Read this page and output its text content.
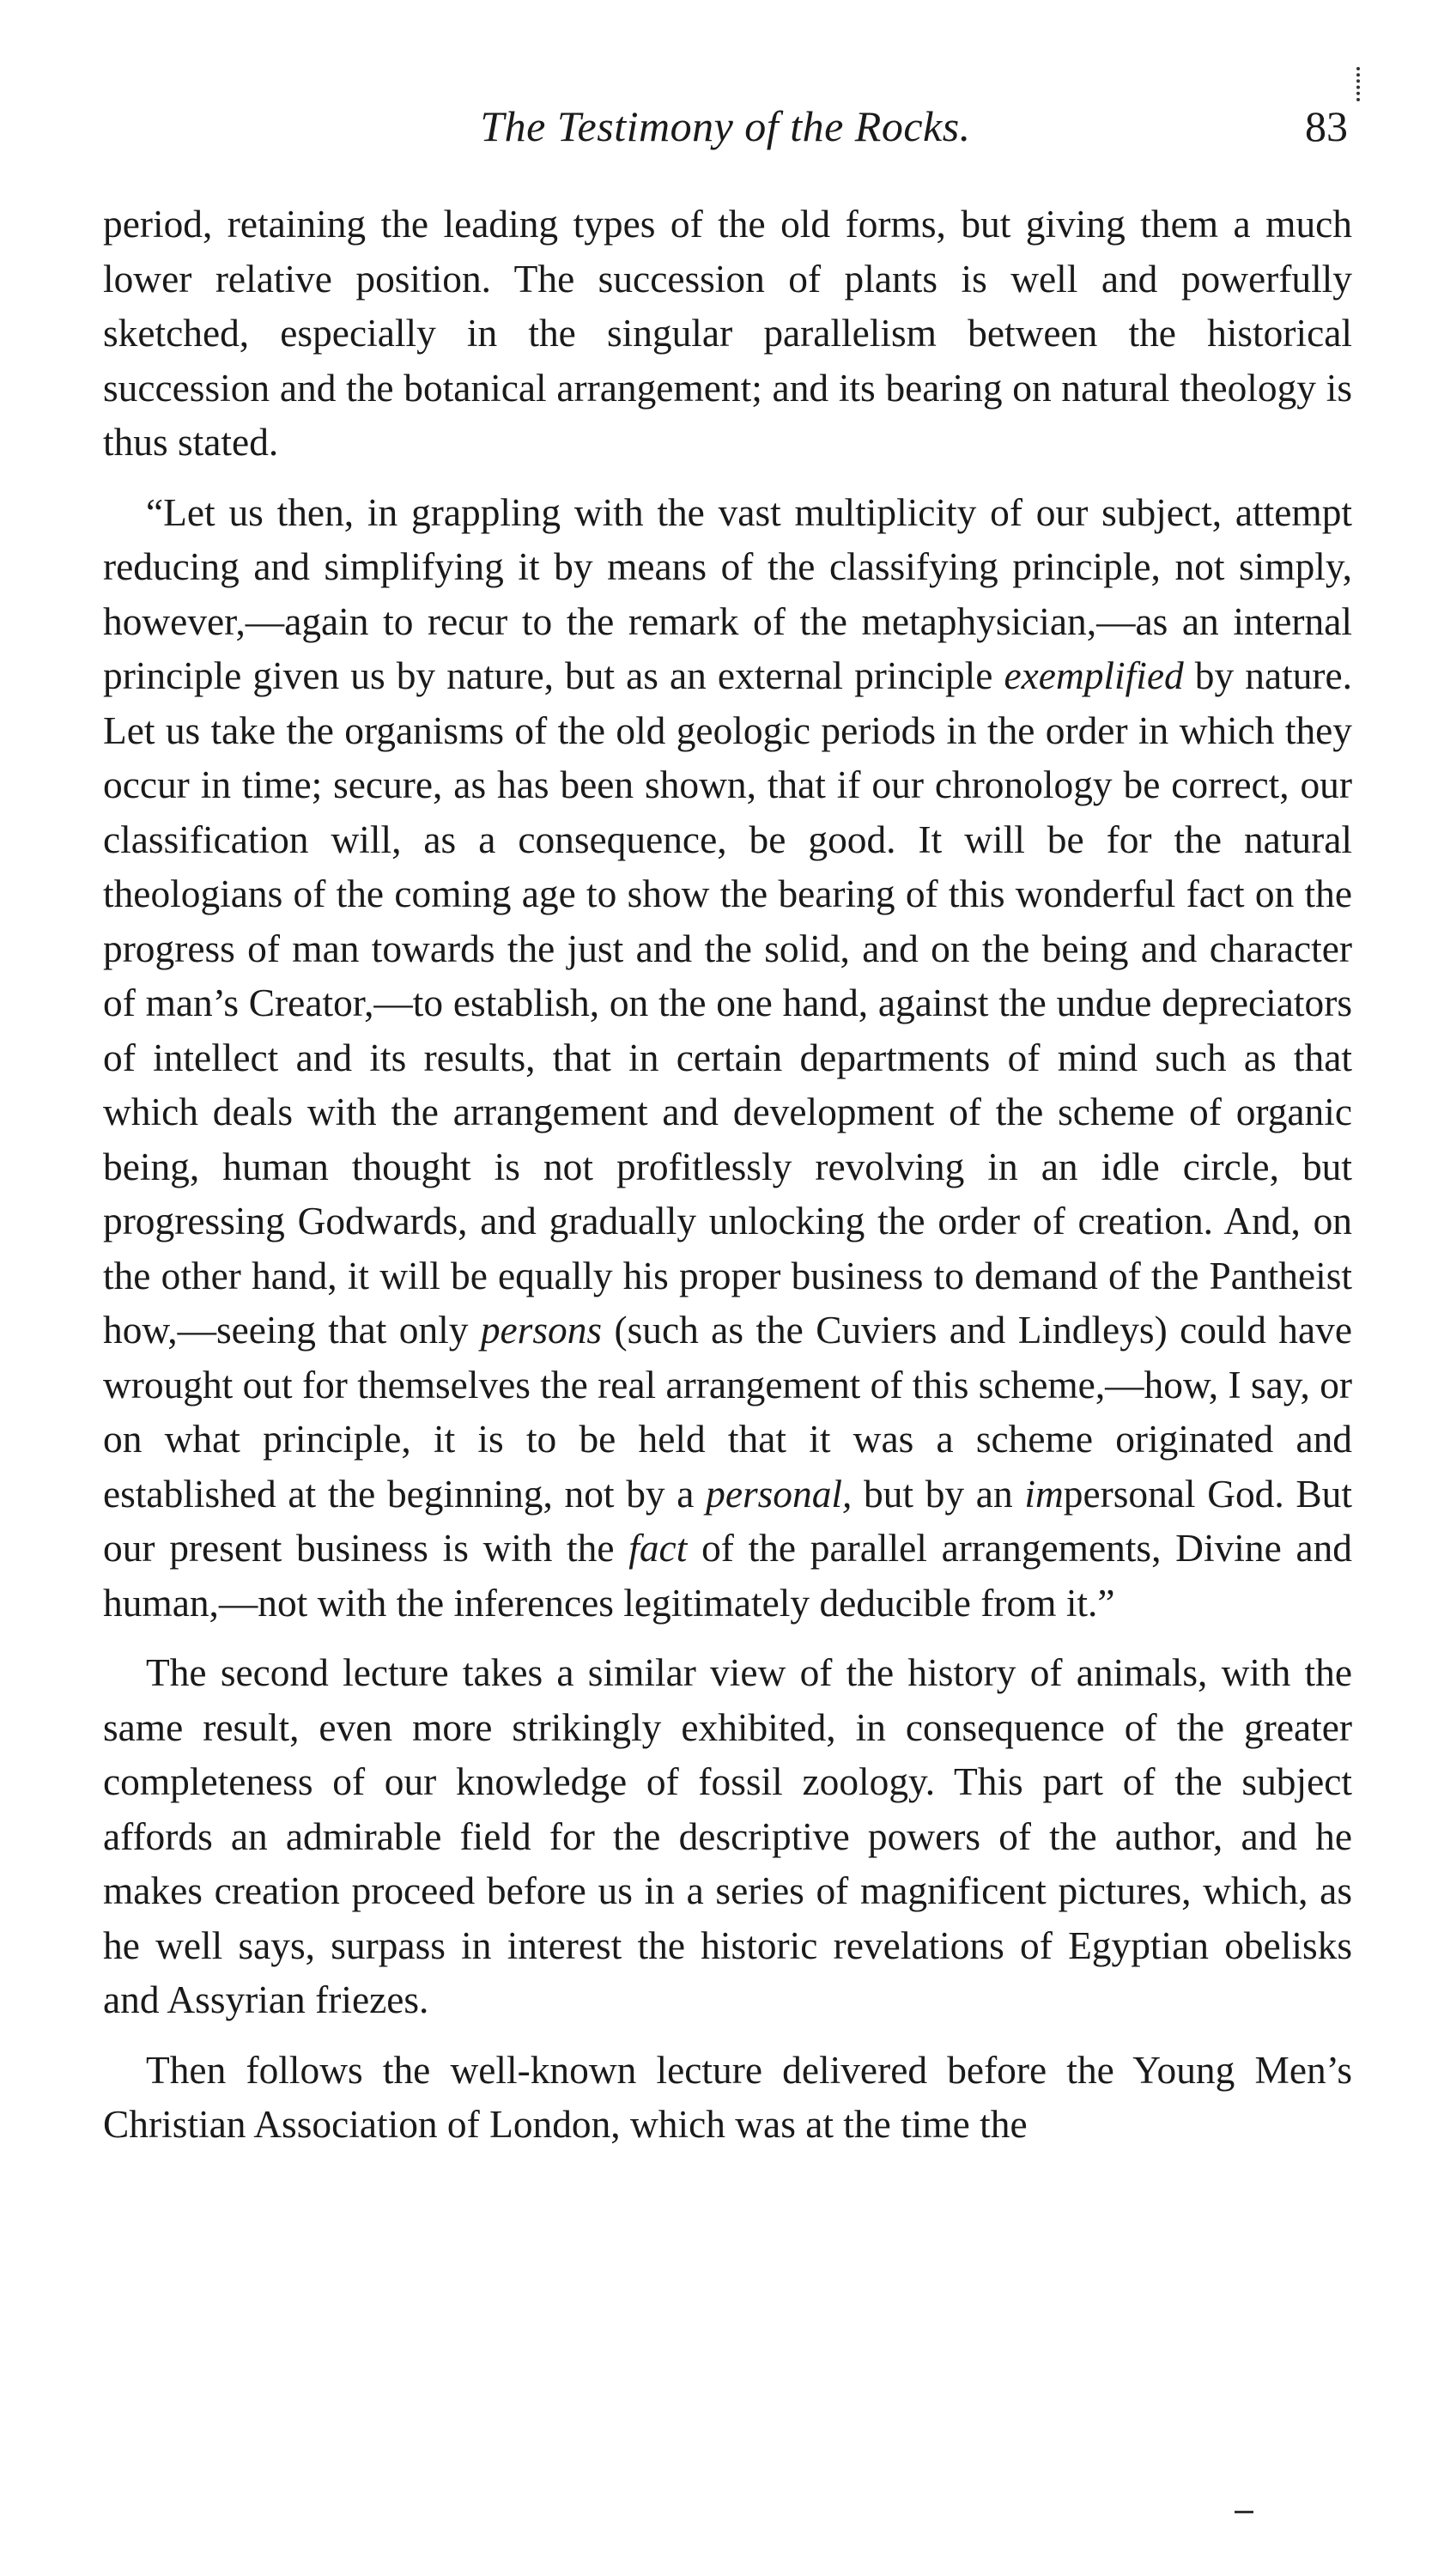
The Testimony of the Rocks.	83

period, retaining the leading types of the old forms, but giving them a much lower relative position. The succession of plants is well and powerfully sketched, especially in the singular parallelism between the historical succession and the botanical arrangement; and its bearing on natural theology is thus stated.

“Let us then, in grappling with the vast multiplicity of our subject, attempt reducing and simplifying it by means of the classifying principle, not simply, however,—again to recur to the remark of the metaphysician,—as an internal principle given us by nature, but as an external principle exemplified by nature. Let us take the organisms of the old geologic periods in the order in which they occur in time; secure, as has been shown, that if our chronology be correct, our classification will, as a consequence, be good. It will be for the natural theologians of the coming age to show the bearing of this wonderful fact on the progress of man towards the just and the solid, and on the being and character of man’s Creator,—to establish, on the one hand, against the undue depreciators of intellect and its results, that in certain departments of mind such as that which deals with the arrangement and development of the scheme of organic being, human thought is not profitlessly revolving in an idle circle, but progressing Godwards, and gradually unlocking the order of creation. And, on the other hand, it will be equally his proper business to demand of the Pantheist how,—seeing that only persons (such as the Cuviers and Lindleys) could have wrought out for themselves the real arrangement of this scheme,—how, I say, or on what principle, it is to be held that it was a scheme originated and established at the beginning, not by a personal, but by an impersonal God. But our present business is with the fact of the parallel arrangements, Divine and human,—not with the inferences legitimately deducible from it.”

The second lecture takes a similar view of the history of animals, with the same result, even more strikingly exhibited, in consequence of the greater completeness of our knowledge of fossil zoology. This part of the subject affords an admirable field for the descriptive powers of the author, and he makes creation proceed before us in a series of magnificent pictures, which, as he well says, surpass in interest the historic revelations of Egyptian obelisks and Assyrian friezes.

Then follows the well-known lecture delivered before the Young Men’s Christian Association of London, which was at the time the
